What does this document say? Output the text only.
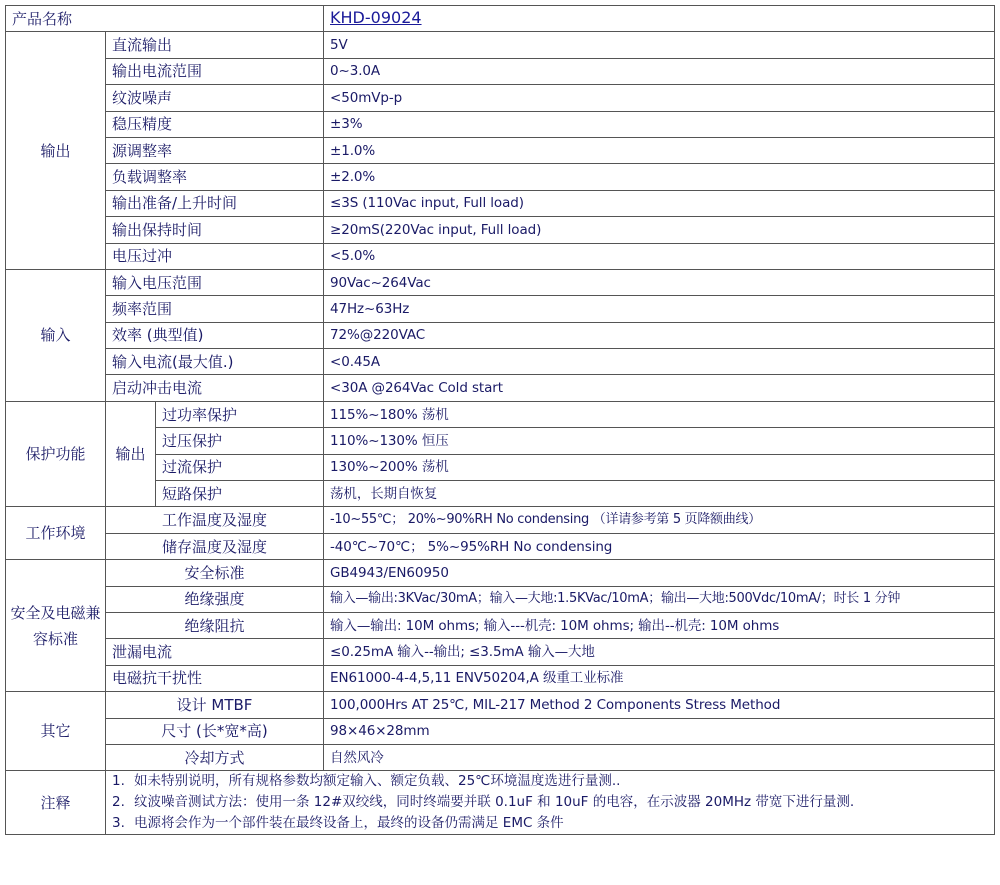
产品名称			KHD-09024
输出	直流输出		5V
	输出电流范围		0~3.0A
	纹波噪声		<50mVp-p
	稳压精度		±3%
	源调整率		±1.0%
	负载调整率		±2.0%
	输出准备/上升时间		≤3S (110Vac input, Full load)
	输出保持时间		≥20mS(220Vac input, Full load)
	电压过冲		<5.0%
输入	输入电压范围		90Vac~264Vac
	频率范围		47Hz~63Hz
	效率 (典型值)		72%@220VAC
	输入电流(最大值.)		<0.45A
	启动冲击电流		<30A @264Vac Cold start
保护功能	输出	过功率保护	115%~180% 荡机
		过压保护	110%~130% 恒压
		过流保护	130%~200% 荡机
		短路保护	荡机，长期自恢复
工作环境	工作温度及湿度		-10~55℃； 20%~90%RH No condensing （详请参考第 5 页降额曲线）
	储存温度及湿度		-40℃~70℃； 5%~95%RH No condensing
安全及电磁兼容标准	安全标准		GB4943/EN60950
	绝缘强度		输入—输出:3KVac/30mA；输入—大地:1.5KVac/10mA；输出—大地:500Vdc/10mA/；时长 1 分钟
	绝缘阻抗		输入—输出: 10M ohms; 输入---机壳: 10M ohms; 输出--机壳: 10M ohms
	泄漏电流		≤0.25mA 输入--输出; ≤3.5mA 输入—大地
	电磁抗干扰性		EN61000-4-4,5,11 ENV50204,A 级重工业标准
其它	设计 MTBF		100,000Hrs AT 25℃, MIL-217 Method 2 Components Stress Method
	尺寸 (长*宽*高)		98×46×28mm
	冷却方式		自然风冷
注释	1. 如未特别说明，所有规格参数均额定输入、额定负载、25℃环境温度选进行量测..
2. 纹波噪音测试方法：使用一条 12#双绞线，同时终端要并联 0.1uF 和 10uF 的电容，在示波器 20MHz 带宽下进行量测.
3. 电源将会作为一个部件装在最终设备上，最终的设备仍需满足 EMC 条件		
